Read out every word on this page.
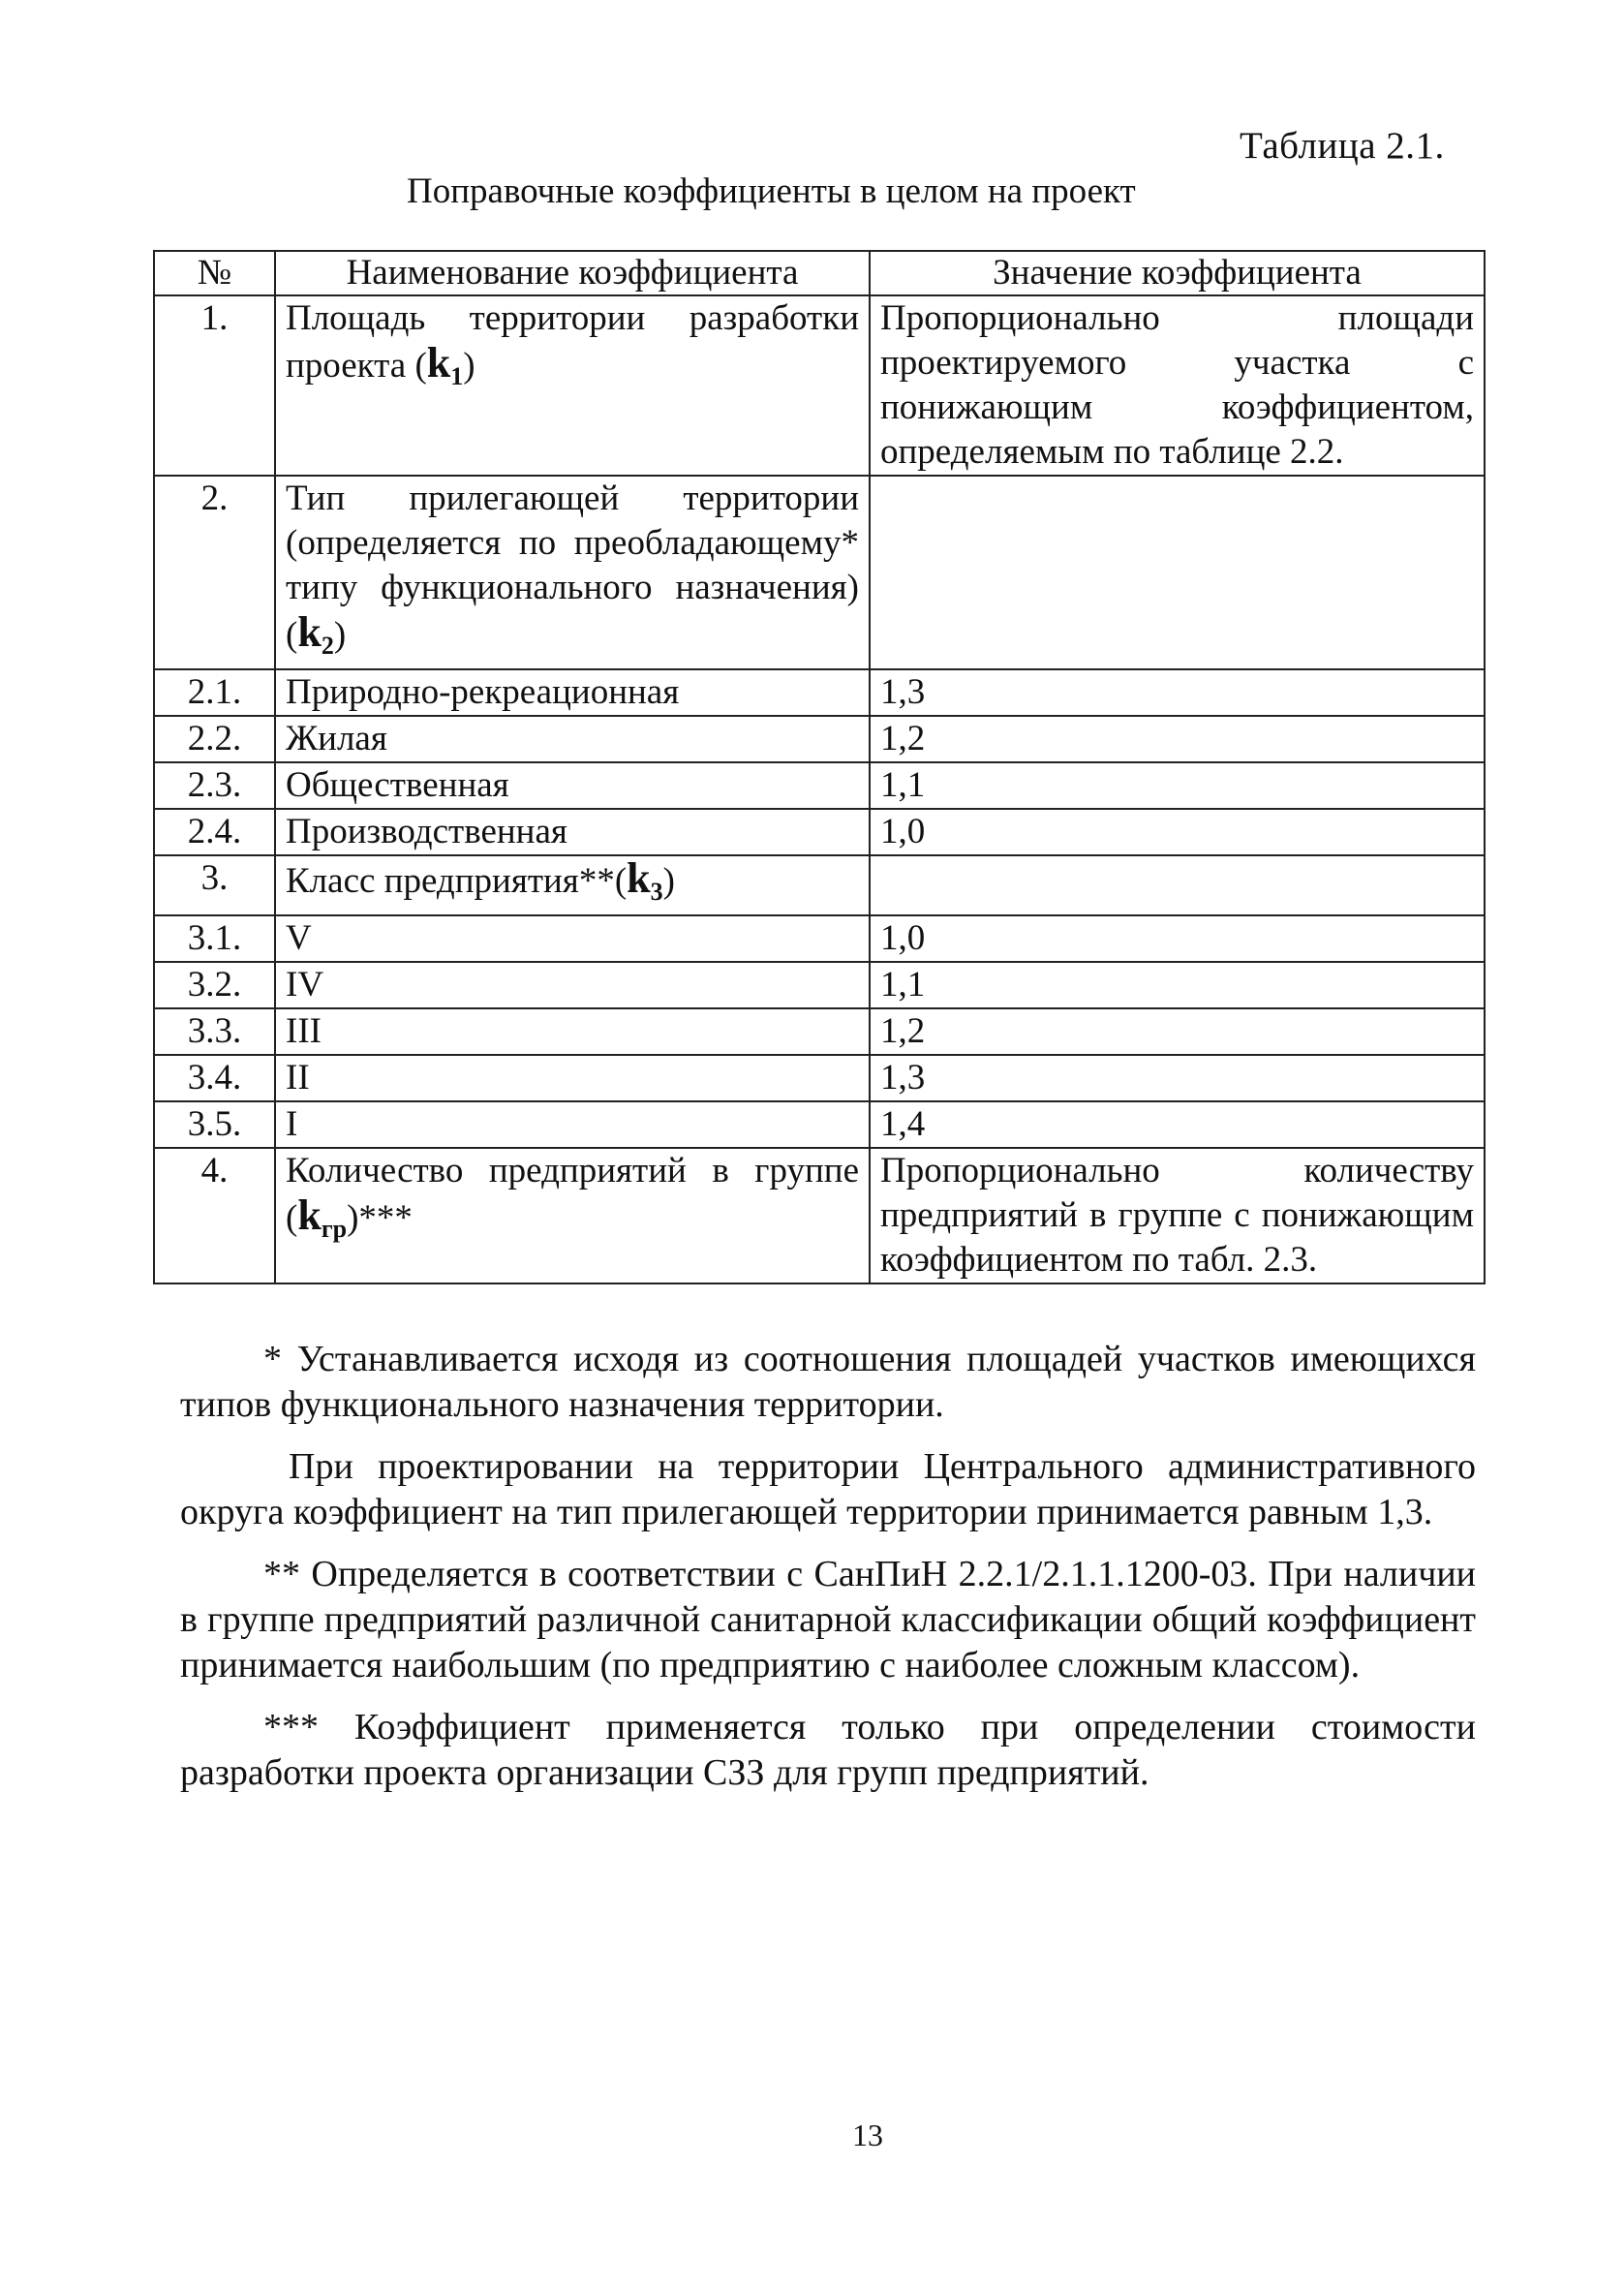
Таблица 2.1.
Поправочные коэффициенты в целом на проект
№	Наименование коэффициента	Значение коэффициента
1.	Площадь территории разработки проекта $(k_1)$	Пропорционально площади проектируемого участка с понижающим коэффициентом, определяемым по таблице 2.2.
2.	Тип прилегающей территории (определяется по преобладающему* типу функционального назначения) $(k_2)$	
2.1.	Природно-рекреационная	1,3
2.2.	Жилая	1,2
2.3.	Общественная	1,1
2.4.	Производственная	1,0
3.	Класс $предприятия**(k_3)$	
3.1.	V	1,0
3.2.	IV	1,1
3.3.	III	1,2
3.4.	II	1,3
3.5.	I	1,4
4.	Количество предприятий в группе $(k_{гр})***$	Пропорционально количеству предприятий в группе с понижающим коэффициентом по табл. 2.3.

* Устанавливается исходя из соотношения площадей участков имеющихся типов функционального назначения территории.

При проектировании на территории Центрального административного округа коэффициент на тип прилегающей территории принимается равным 1,3.

** Определяется в соответствии с СанПиН 2.2.1/2.1.1.1200-03. При наличии в группе предприятий различной санитарной классификации общий коэффициент принимается наибольшим (по предприятию с наиболее сложным классом).

*** Коэффициент применяется только при определении стоимости разработки проекта организации СЗЗ для групп предприятий.

13
